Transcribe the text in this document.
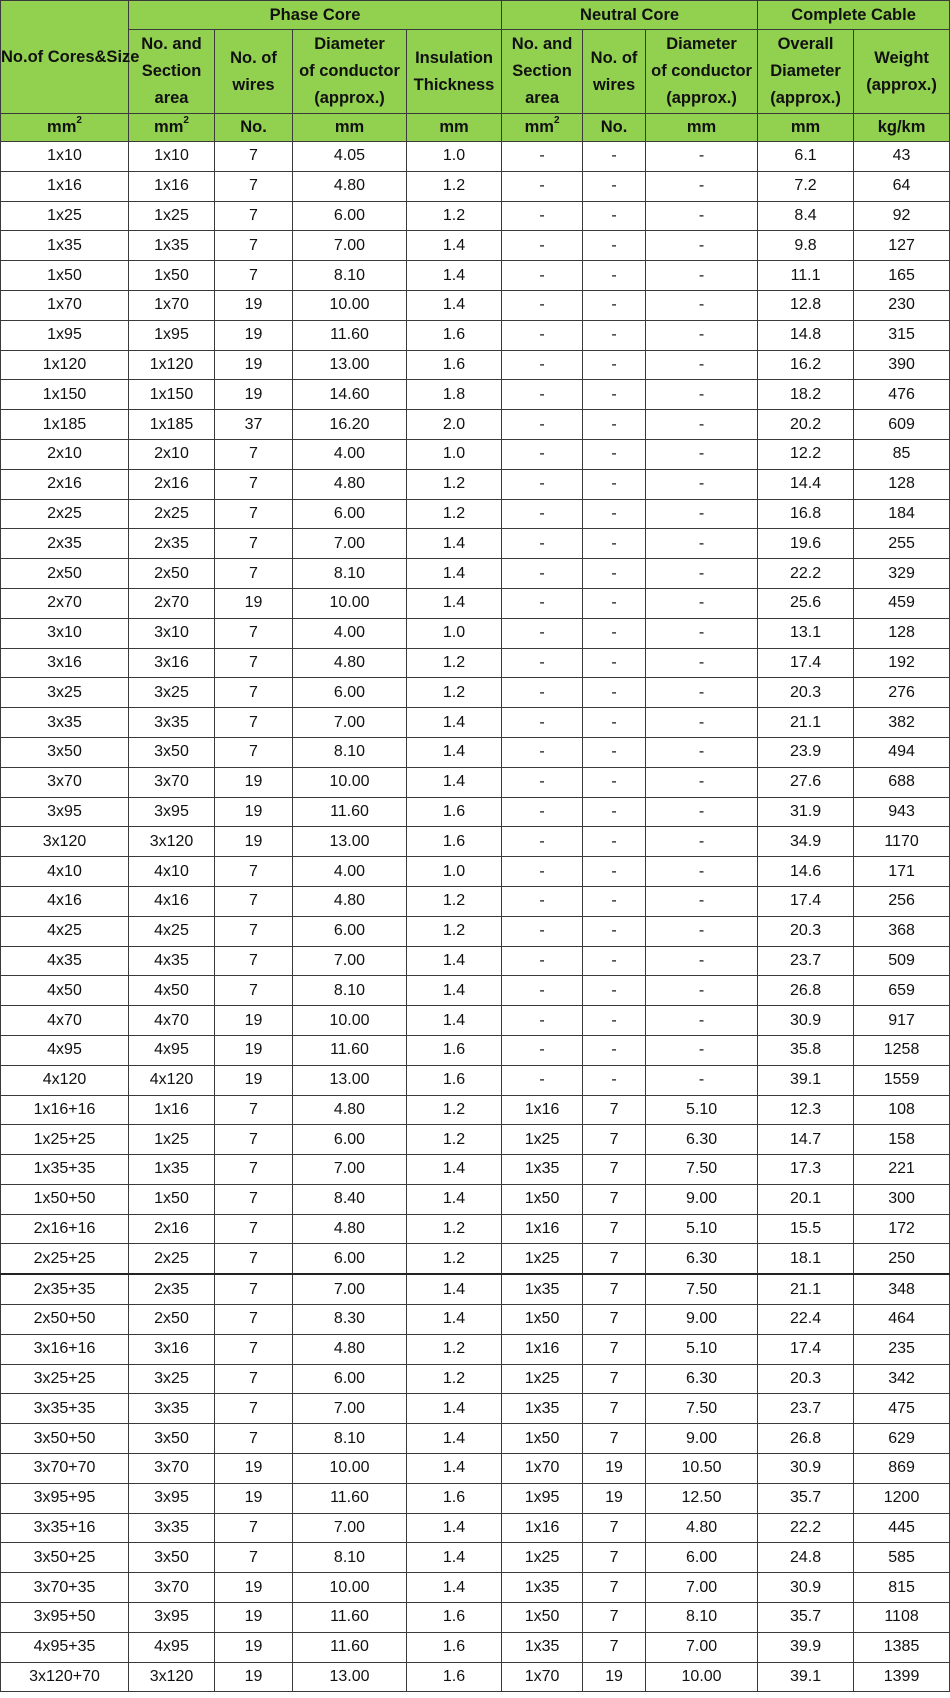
No.of Cores&Size	Phase Core				Neutral Core			Complete Cable	

	No. and
Section
area	No. of
wires	Diameter
of conductor
(approx.)	Insulation
Thickness	No. and
Section
area	No. of
wires	Diameter
of conductor
(approx.)	Overall
Diameter
(approx.)	Weight
(approx.)

$mm^2$	$mm^2$	No.	mm	mm	$mm^2$	No.	mm	mm	kg/km
1x10	1x10	7	4.05	1.0	-	-	-	6.1	43
1x16	1x16	7	4.80	1.2	-	-	-	7.2	64
1x25	1x25	7	6.00	1.2	-	-	-	8.4	92
1x35	1x35	7	7.00	1.4	-	-	-	9.8	127
1x50	1x50	7	8.10	1.4	-	-	-	11.1	165
1x70	1x70	19	10.00	1.4	-	-	-	12.8	230
1x95	1x95	19	11.60	1.6	-	-	-	14.8	315
1x120	1x120	19	13.00	1.6	-	-	-	16.2	390
1x150	1x150	19	14.60	1.8	-	-	-	18.2	476
1x185	1x185	37	16.20	2.0	-	-	-	20.2	609
2x10	2x10	7	4.00	1.0	-	-	-	12.2	85
2x16	2x16	7	4.80	1.2	-	-	-	14.4	128
2x25	2x25	7	6.00	1.2	-	-	-	16.8	184
2x35	2x35	7	7.00	1.4	-	-	-	19.6	255
2x50	2x50	7	8.10	1.4	-	-	-	22.2	329
2x70	2x70	19	10.00	1.4	-	-	-	25.6	459
3x10	3x10	7	4.00	1.0	-	-	-	13.1	128
3x16	3x16	7	4.80	1.2	-	-	-	17.4	192
3x25	3x25	7	6.00	1.2	-	-	-	20.3	276
3x35	3x35	7	7.00	1.4	-	-	-	21.1	382
3x50	3x50	7	8.10	1.4	-	-	-	23.9	494
3x70	3x70	19	10.00	1.4	-	-	-	27.6	688
3x95	3x95	19	11.60	1.6	-	-	-	31.9	943
3x120	3x120	19	13.00	1.6	-	-	-	34.9	1170
4x10	4x10	7	4.00	1.0	-	-	-	14.6	171
4x16	4x16	7	4.80	1.2	-	-	-	17.4	256
4x25	4x25	7	6.00	1.2	-	-	-	20.3	368
4x35	4x35	7	7.00	1.4	-	-	-	23.7	509
4x50	4x50	7	8.10	1.4	-	-	-	26.8	659
4x70	4x70	19	10.00	1.4	-	-	-	30.9	917
4x95	4x95	19	11.60	1.6	-	-	-	35.8	1258
4x120	4x120	19	13.00	1.6	-	-	-	39.1	1559
1x16+16	1x16	7	4.80	1.2	1x16	7	5.10	12.3	108
1x25+25	1x25	7	6.00	1.2	1x25	7	6.30	14.7	158
1x35+35	1x35	7	7.00	1.4	1x35	7	7.50	17.3	221
1x50+50	1x50	7	8.40	1.4	1x50	7	9.00	20.1	300
2x16+16	2x16	7	4.80	1.2	1x16	7	5.10	15.5	172
2x25+25	2x25	7	6.00	1.2	1x25	7	6.30	18.1	250
2x35+35	2x35	7	7.00	1.4	1x35	7	7.50	21.1	348
2x50+50	2x50	7	8.30	1.4	1x50	7	9.00	22.4	464
3x16+16	3x16	7	4.80	1.2	1x16	7	5.10	17.4	235
3x25+25	3x25	7	6.00	1.2	1x25	7	6.30	20.3	342
3x35+35	3x35	7	7.00	1.4	1x35	7	7.50	23.7	475
3x50+50	3x50	7	8.10	1.4	1x50	7	9.00	26.8	629
3x70+70	3x70	19	10.00	1.4	1x70	19	10.50	30.9	869
3x95+95	3x95	19	11.60	1.6	1x95	19	12.50	35.7	1200
3x35+16	3x35	7	7.00	1.4	1x16	7	4.80	22.2	445
3x50+25	3x50	7	8.10	1.4	1x25	7	6.00	24.8	585
3x70+35	3x70	19	10.00	1.4	1x35	7	7.00	30.9	815
3x95+50	3x95	19	11.60	1.6	1x50	7	8.10	35.7	1108
4x95+35	4x95	19	11.60	1.6	1x35	7	7.00	39.9	1385
3x120+70	3x120	19	13.00	1.6	1x70	19	10.00	39.1	1399
